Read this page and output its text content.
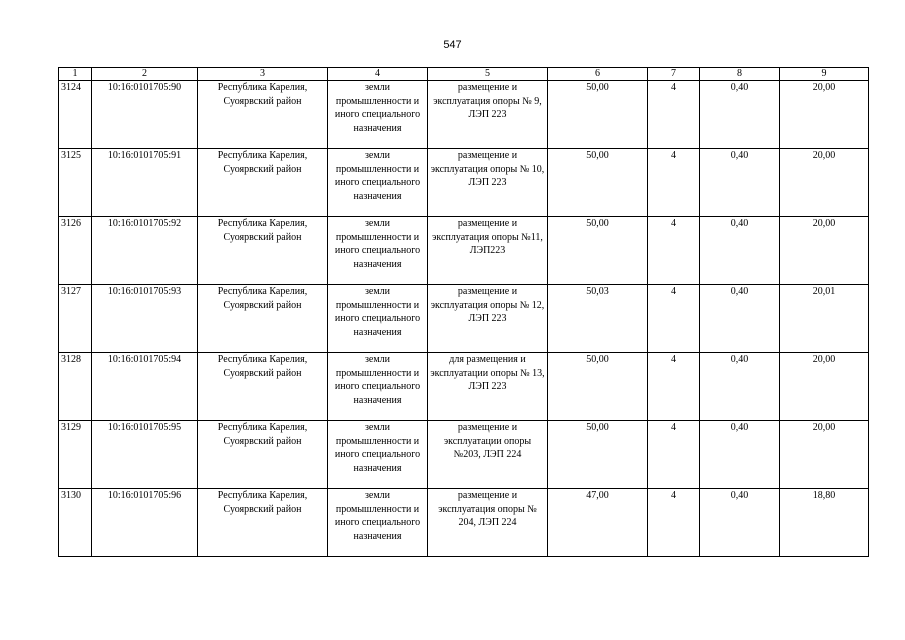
547
1	2	3	4	5	6	7	8	9
3124	10:16:0101705:90	Республика Карелия, Суоярвский район	земли промышленности и иного специального назначения	размещение и эксплуатация опоры № 9, ЛЭП 223	50,00	4	0,40	20,00
3125	10:16:0101705:91	Республика Карелия, Суоярвский район	земли промышленности и иного специального назначения	размещение и эксплуатация опоры № 10, ЛЭП 223	50,00	4	0,40	20,00
3126	10:16:0101705:92	Республика Карелия, Суоярвский район	земли промышленности и иного специального назначения	размещение и эксплуатация опоры №11, ЛЭП223	50,00	4	0,40	20,00
3127	10:16:0101705:93	Республика Карелия, Суоярвский район	земли промышленности и иного специального назначения	размещение и эксплуатация опоры № 12, ЛЭП 223	50,03	4	0,40	20,01
3128	10:16:0101705:94	Республика Карелия, Суоярвский район	земли промышленности и иного специального назначения	для размещения и эксплуатации опоры № 13, ЛЭП 223	50,00	4	0,40	20,00
3129	10:16:0101705:95	Республика Карелия, Суоярвский район	земли промышленности и иного специального назначения	размещение и эксплуатации опоры №203, ЛЭП 224	50,00	4	0,40	20,00
3130	10:16:0101705:96	Республика Карелия, Суоярвский район	земли промышленности и иного специального назначения	размещение и эксплуатация опоры № 204, ЛЭП 224	47,00	4	0,40	18,80
